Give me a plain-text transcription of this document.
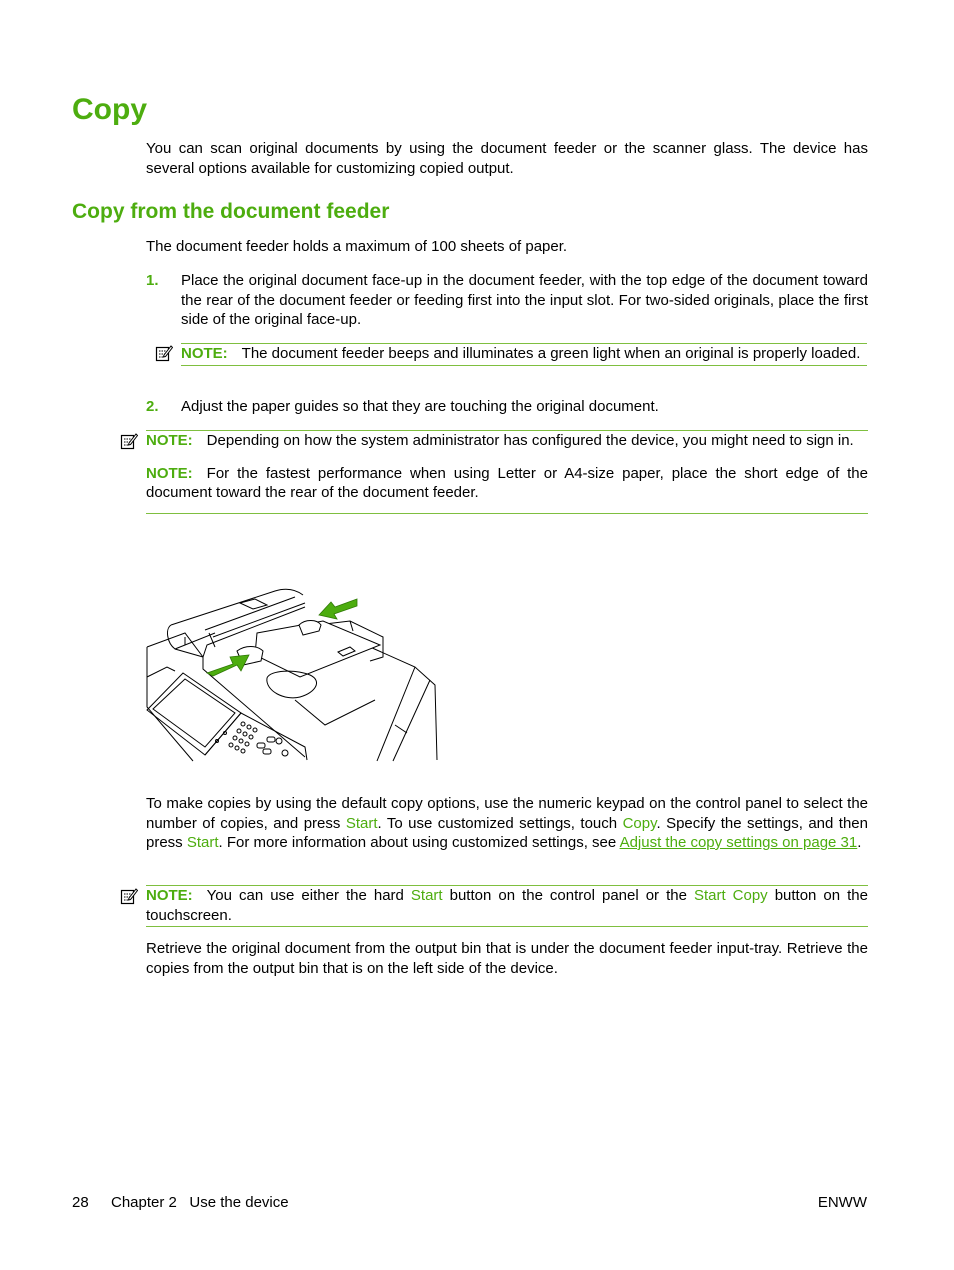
Copy

You can scan original documents by using the document feeder or the scanner glass. The device has several options available for customizing copied output.

Copy from the document feeder

The document feeder holds a maximum of 100 sheets of paper.

1. Place the original document face-up in the document feeder, with the top edge of the document toward the rear of the document feeder or feeding first into the input slot. For two-sided originals, place the first side of the original face-up.

NOTE: The document feeder beeps and illuminates a green light when an original is properly loaded.
2. Adjust the paper guides so that they are touching the original document.

NOTE: Depending on how the system administrator has configured the device, you might need to sign in.
NOTE: For the fastest performance when using Letter or A4-size paper, place the short edge of the document toward the rear of the document feeder.

To make copies by using the default copy options, use the numeric keypad on the control panel to select the number of copies, and press Start. To use customized settings, touch Copy. Specify the settings, and then press Start. For more information about using customized settings, see Adjust the copy settings on page 31.

NOTE: You can use either the hard Start button on the control panel or the Start Copy button on the touchscreen.

Retrieve the original document from the output bin that is under the document feeder input-tray. Retrieve the copies from the output bin that is on the left side of the device.

28 Chapter 2   Use the device	ENWW
